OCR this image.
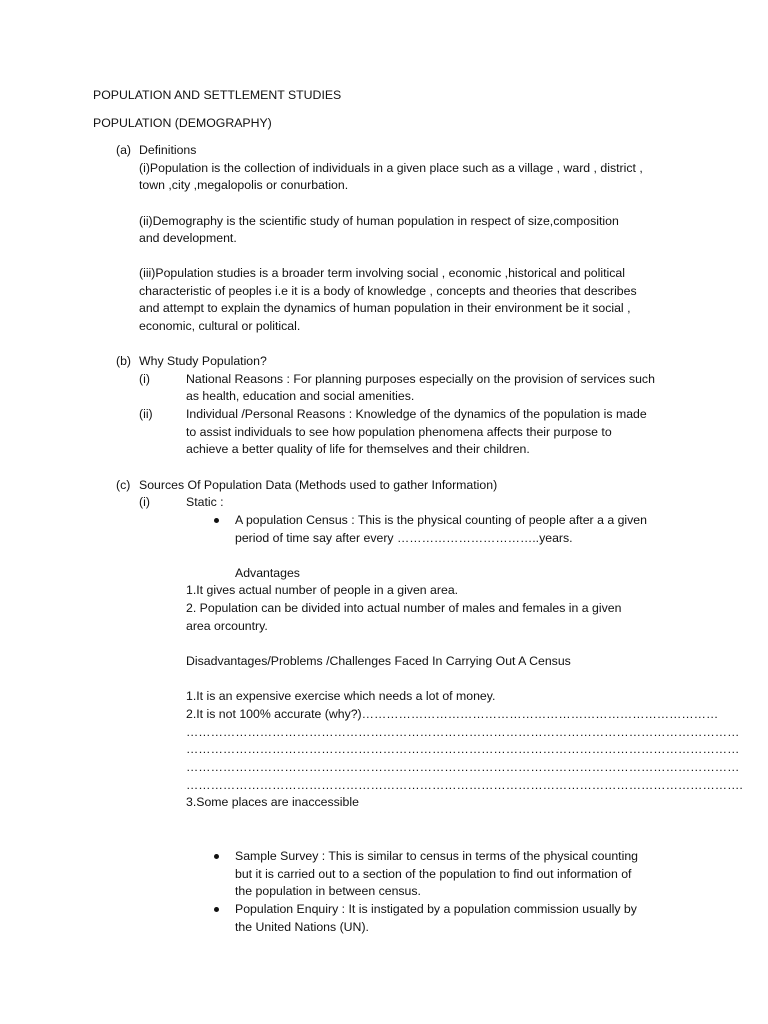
POPULATION AND SETTLEMENT STUDIES
POPULATION (DEMOGRAPHY)
(a) Definitions
(i)Population is the collection of individuals in a given place such as a village , ward , district ,
town ,city ,megalopolis or conurbation.
(ii)Demography is the scientific study of human population in respect of size,composition
and development.
(iii)Population studies is a broader term involving social , economic ,historical and political
characteristic of peoples i.e it is a body of knowledge , concepts and theories that describes
and attempt to explain the dynamics of human population in their environment be it social ,
economic, cultural or political.
(b) Why Study Population?
(i)	National Reasons : For planning purposes especially on the provision of services such
as health, education and social amenities.
(ii)	Individual /Personal Reasons : Knowledge of the dynamics of the population is made
to assist individuals to see how population phenomena affects their purpose to
achieve a better quality of life for themselves and their children.
(c) Sources Of Population Data (Methods used to gather Information)
(i)	Static :
A population Census : This is the physical counting of people after a a given
period of time say after every ……………………………..years.
Advantages
1.It gives actual number of people in a given area.
2. Population can be divided into actual number of males and females in a given
area orcountry.
Disadvantages/Problems /Challenges Faced In Carrying Out A Census
1.It is an expensive exercise which needs a lot of money.
2.It is not 100% accurate (why?)……………………………………………………………………………
………………………………………………………………………………………………………………………
………………………………………………………………………………………………………………………
………………………………………………………………………………………………………………………
……………………………………………………………………………………………………………………….
3.Some places are inaccessible
Sample Survey : This is similar to census in terms of the physical counting
but it is carried out to a section of the population to find out information of
the population in between census.
Population Enquiry : It is instigated by a population commission usually by
the United Nations (UN).
